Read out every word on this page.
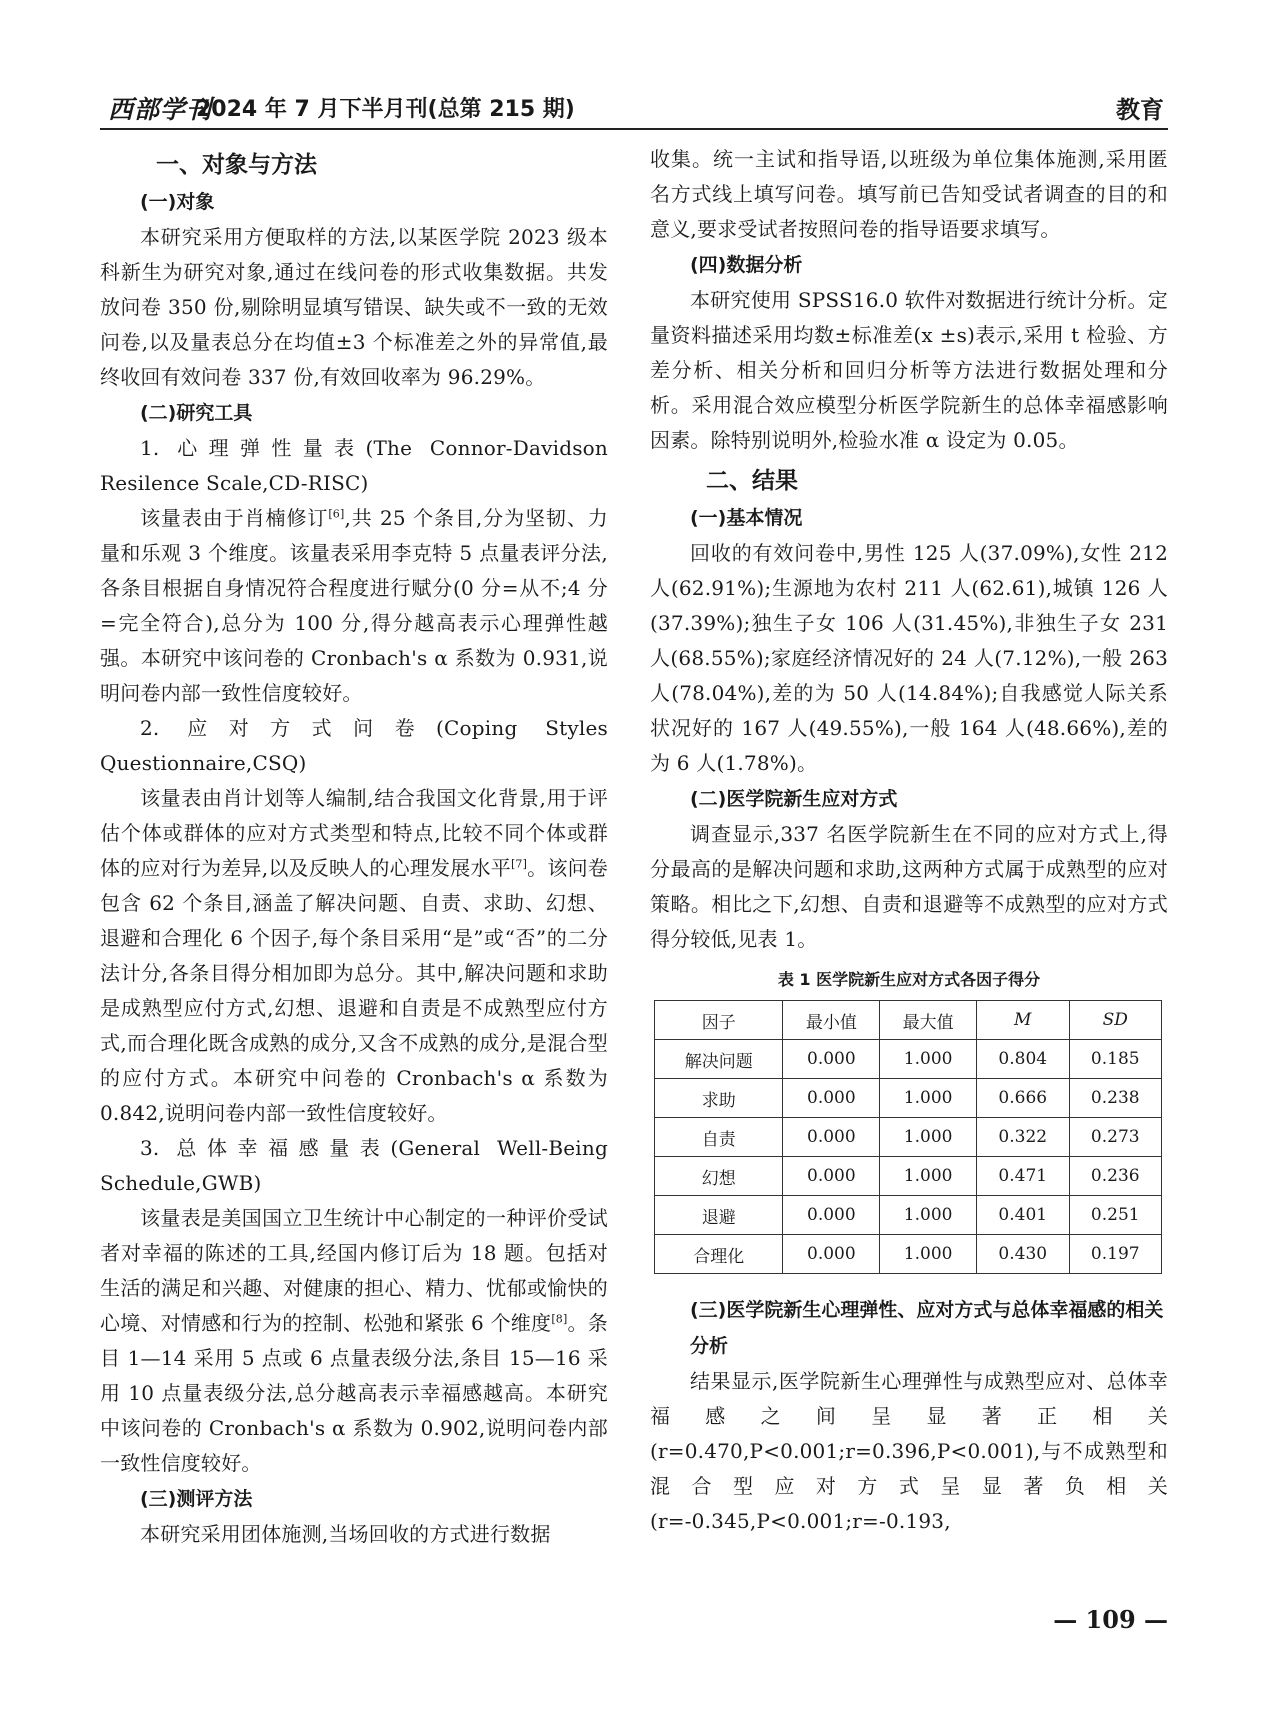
西部学刊
2024 年 7 月下半月刊(总第 215 期)	教育
一、对象与方法
(一)对象

本研究采用方便取样的方法,以某医学院 2023 级本科新生为研究对象,通过在线问卷的形式收集数据。共发放问卷 350 份,剔除明显填写错误、缺失或不一致的无效问卷,以及量表总分在均值±3 个标准差之外的异常值,最终收回有效问卷 337 份,有效回收率为 96.29%。

(二)研究工具

1. 心理弹性量表(The Connor-Davidson Resilence Scale,CD-RISC)

该量表由于肖楠修订[6],共 25 个条目,分为坚韧、力量和乐观 3 个维度。该量表采用李克特 5 点量表评分法,各条目根据自身情况符合程度进行赋分(0 分=从不;4 分=完全符合),总分为 100 分,得分越高表示心理弹性越强。本研究中该问卷的 Cronbach's α 系数为 0.931,说明问卷内部一致性信度较好。

2. 应对方式问卷(Coping Styles Questionnaire,CSQ)

该量表由肖计划等人编制,结合我国文化背景,用于评估个体或群体的应对方式类型和特点,比较不同个体或群体的应对行为差异,以及反映人的心理发展水平[7]。该问卷包含 62 个条目,涵盖了解决问题、自责、求助、幻想、退避和合理化 6 个因子,每个条目采用“是”或“否”的二分法计分,各条目得分相加即为总分。其中,解决问题和求助是成熟型应付方式,幻想、退避和自责是不成熟型应付方式,而合理化既含成熟的成分,又含不成熟的成分,是混合型的应付方式。本研究中问卷的 Cronbach's α 系数为 0.842,说明问卷内部一致性信度较好。

3. 总体幸福感量表(General Well-Being Schedule,GWB)

该量表是美国国立卫生统计中心制定的一种评价受试者对幸福的陈述的工具,经国内修订后为 18 题。包括对生活的满足和兴趣、对健康的担心、精力、忧郁或愉快的心境、对情感和行为的控制、松弛和紧张 6 个维度[8]。条目 1—14 采用 5 点或 6 点量表级分法,条目 15—16 采用 10 点量表级分法,总分越高表示幸福感越高。本研究中该问卷的 Cronbach's α 系数为 0.902,说明问卷内部一致性信度较好。

(三)测评方法

本研究采用团体施测,当场回收的方式进行数据

收集。统一主试和指导语,以班级为单位集体施测,采用匿名方式线上填写问卷。填写前已告知受试者调查的目的和意义,要求受试者按照问卷的指导语要求填写。

(四)数据分析

本研究使用 SPSS16.0 软件对数据进行统计分析。定量资料描述采用均数±标准差(x ±s)表示,采用 t 检验、方差分析、相关分析和回归分析等方法进行数据处理和分析。采用混合效应模型分析医学院新生的总体幸福感影响因素。除特别说明外,检验水准 α 设定为 0.05。

二、结果
(一)基本情况

回收的有效问卷中,男性 125 人(37.09%),女性 212 人(62.91%);生源地为农村 211 人(62.61),城镇 126 人(37.39%);独生子女 106 人(31.45%),非独生子女 231 人(68.55%);家庭经济情况好的 24 人(7.12%),一般 263 人(78.04%),差的为 50 人(14.84%);自我感觉人际关系状况好的 167 人(49.55%),一般 164 人(48.66%),差的为 6 人(1.78%)。

(二)医学院新生应对方式

调查显示,337 名医学院新生在不同的应对方式上,得分最高的是解决问题和求助,这两种方式属于成熟型的应对策略。相比之下,幻想、自责和退避等不成熟型的应对方式得分较低,见表 1。

表 1 医学院新生应对方式各因子得分
因子	最小值	最大值	M	SD
解决问题	0.000	1.000	0.804	0.185
求助	0.000	1.000	0.666	0.238
自责	0.000	1.000	0.322	0.273
幻想	0.000	1.000	0.471	0.236
退避	0.000	1.000	0.401	0.251
合理化	0.000	1.000	0.430	0.197
(三)医学院新生心理弹性、应对方式与总体幸福感的相关分析

结果显示,医学院新生心理弹性与成熟型应对、总体幸福感之间呈显著正相关(r=0.470,P<0.001;r=0.396,P<0.001),与不成熟型和混合型应对方式呈显著负相关(r=-0.345,P<0.001;r=-0.193,

— 109 —
